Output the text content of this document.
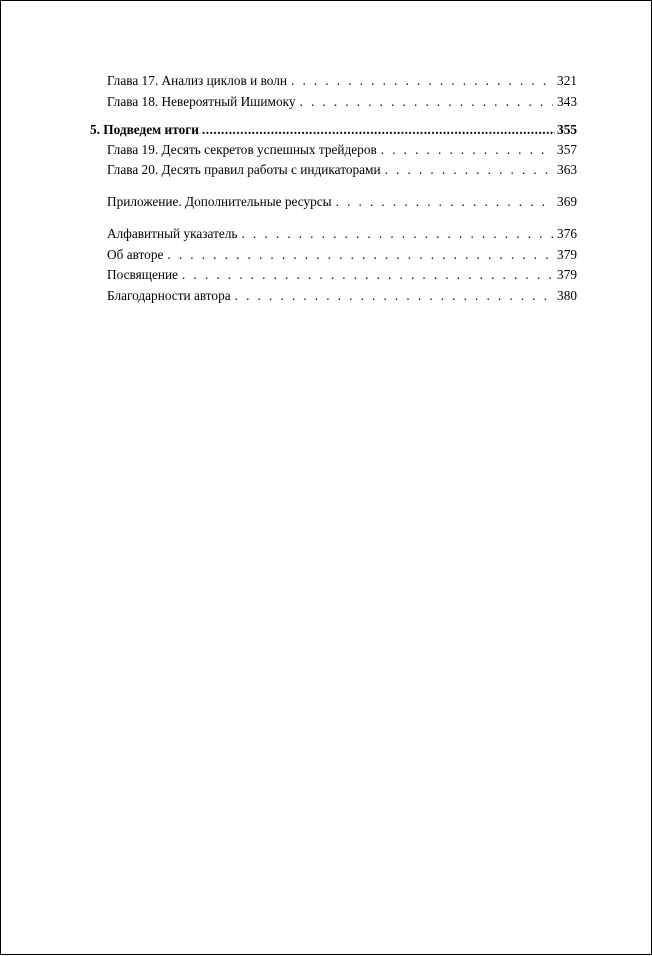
Глава 17. Анализ циклов и волн . . .	321
Глава 18. Невероятный Ишимоку . . .	343
5. Подведем итоги .....	355
Глава 19. Десять секретов успешных трейдеров . . .	357
Глава 20. Десять правил работы с индикаторами . . .	363
Приложение. Дополнительные ресурсы . . .	369
Алфавитный указатель . . .	376
Об авторе . . .	379
Посвящение . . .	379
Благодарности автора . . .	380
